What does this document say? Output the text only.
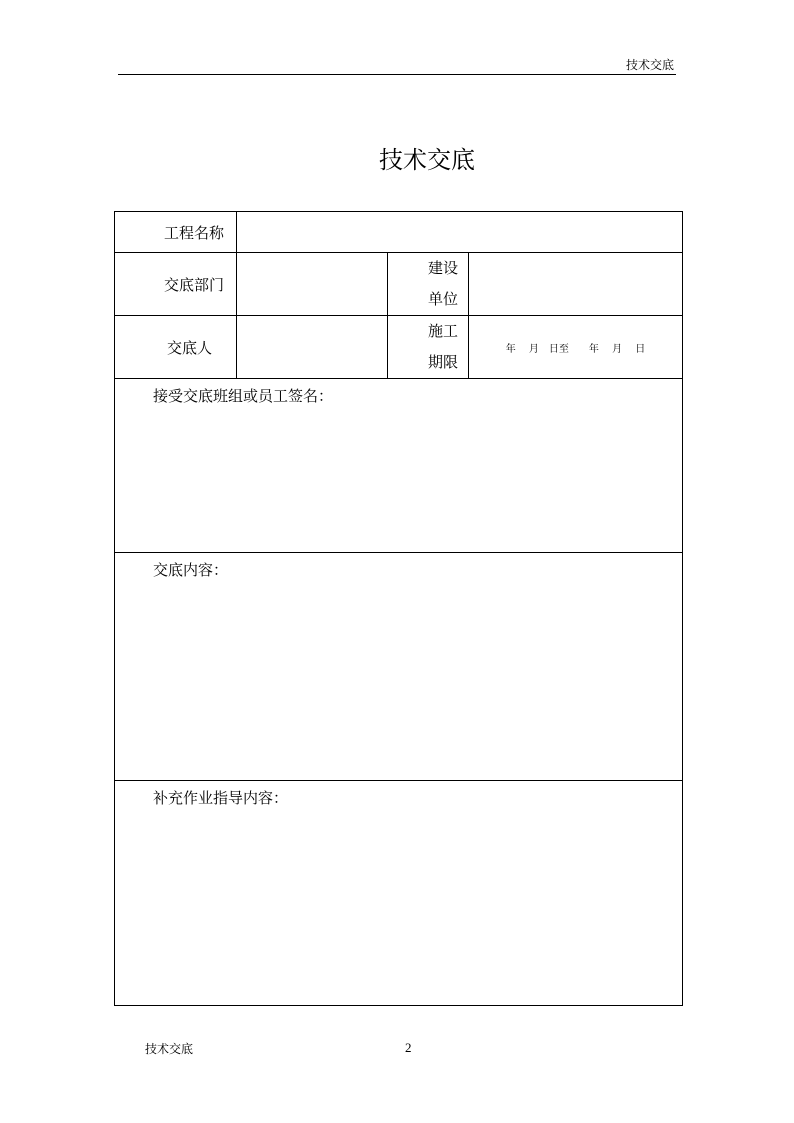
技术交底
技术交底
工程名称			
交底部门		建设
单位	

交底人		施工
期限	年　 月　日至　　年　 月　 日
接受交底班组或员工签名：			
交底内容：			
补充作业指导内容：			
技术交底	2
